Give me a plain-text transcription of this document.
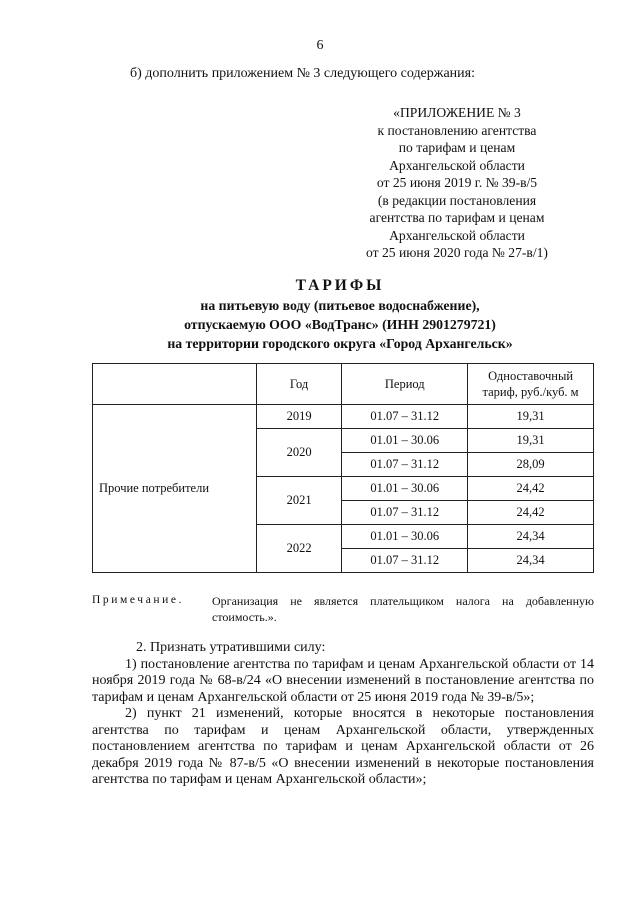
6
б) дополнить приложением № 3 следующего содержания:
«ПРИЛОЖЕНИЕ № 3
к постановлению агентства
по тарифам и ценам
Архангельской области
от 25 июня 2019 г. № 39-в/5
(в редакции постановления
агентства по тарифам и ценам
Архангельской области
от 25 июня 2020 года № 27-в/1)
ТАРИФЫ
на питьевую воду (питьевое водоснабжение),
отпускаемую ООО «ВодТранс» (ИНН 2901279721)
на территории городского округа «Город Архангельск»
	Год	Период	Одноставочный
тариф, руб./куб. м

Прочие потребители	2019	01.07 – 31.12	19,31
	2020	01.01 – 30.06	19,31
		01.07 – 31.12	28,09
	2021	01.01 – 30.06	24,42
		01.07 – 31.12	24,42
	2022	01.01 – 30.06	24,34
		01.07 – 31.12	24,34
Примечание. Организация не является плательщиком налога на добавленную стоимость.».

2. Признать утратившими силу:

1) постановление агентства по тарифам и ценам Архангельской области от 14 ноября 2019 года № 68-в/24 «О внесении изменений в постановление агентства по тарифам и ценам Архангельской области от 25 июня 2019 года № 39-в/5»;

2) пункт 21 изменений, которые вносятся в некоторые постановления агентства по тарифам и ценам Архангельской области, утвержденных постановлением агентства по тарифам и ценам Архангельской области от 26 декабря 2019 года № 87-в/5 «О внесении изменений в некоторые постановления агентства по тарифам и ценам Архангельской области»;
